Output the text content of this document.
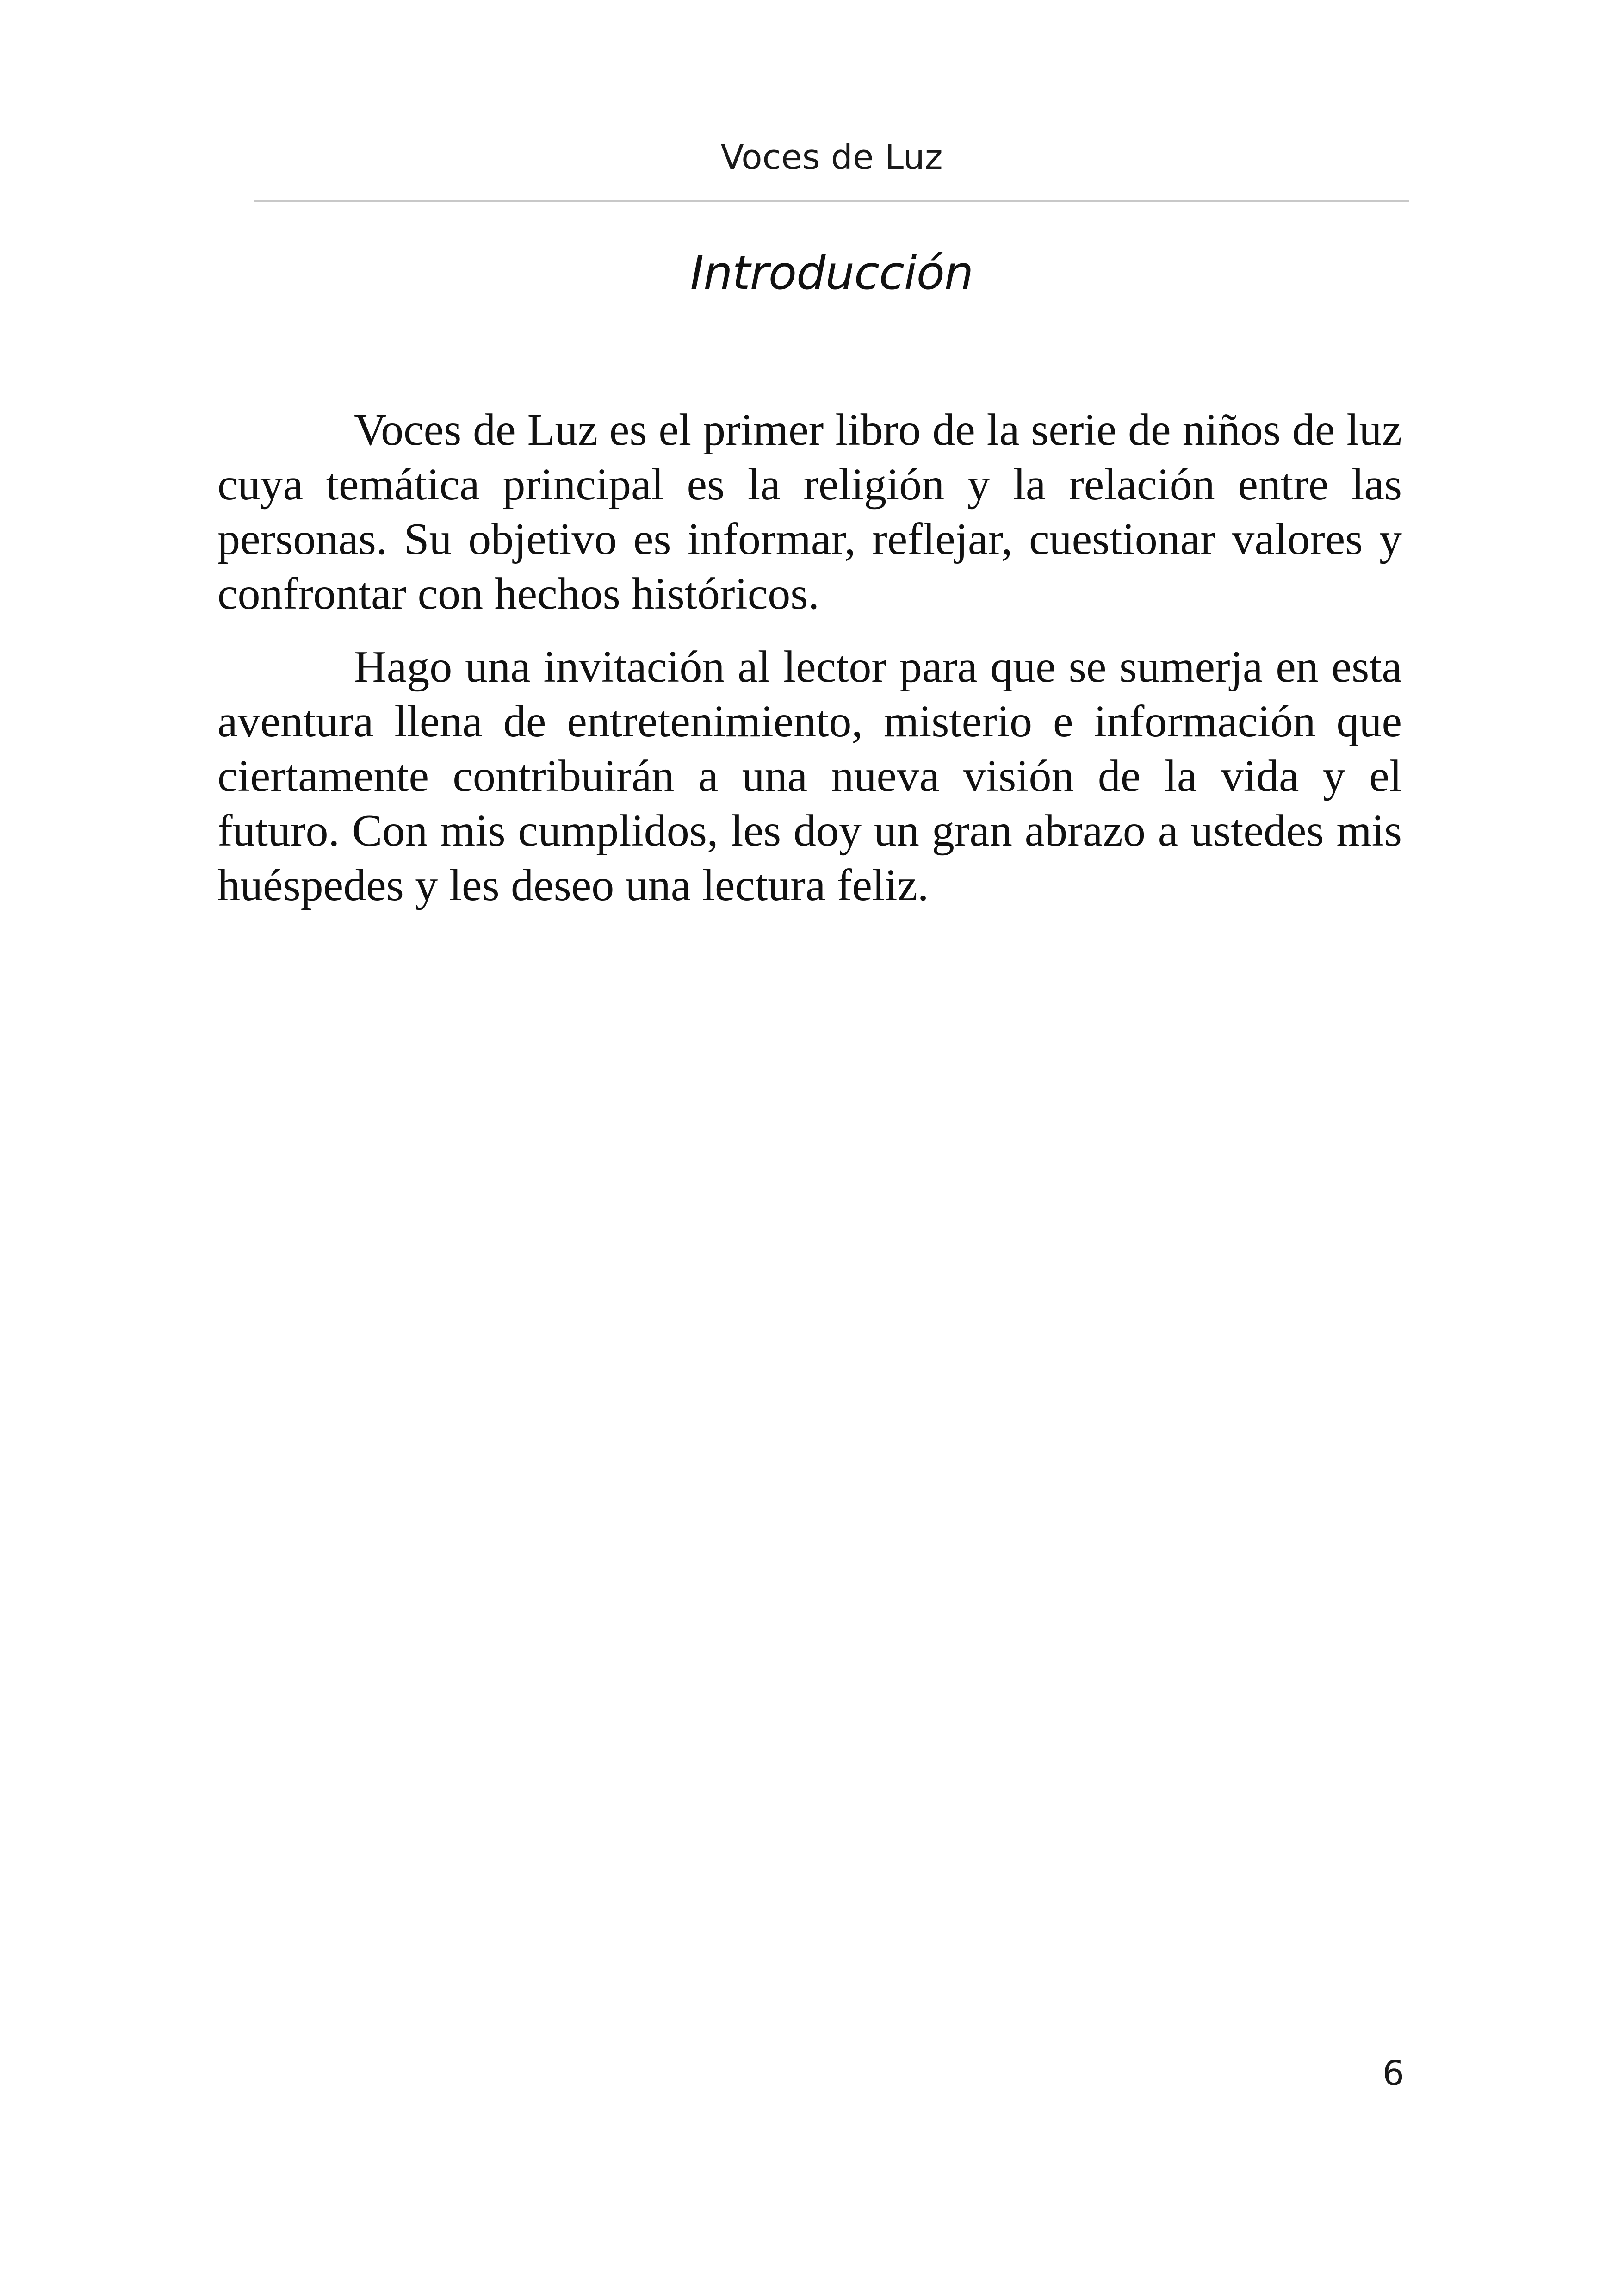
Voces de Luz
Introducción

Voces de Luz es el primer libro de la serie de niños de luz cuya temática principal es la religión y la relación entre las personas. Su objetivo es informar, reflejar, cuestionar valores y confrontar con hechos históricos.

Hago una invitación al lector para que se sumerja en esta aventura llena de entretenimiento, misterio e información que ciertamente contribuirán a una nueva visión de la vida y el futuro. Con mis cumplidos, les doy un gran abrazo a ustedes mis huéspedes y les deseo una lectura feliz.

6
